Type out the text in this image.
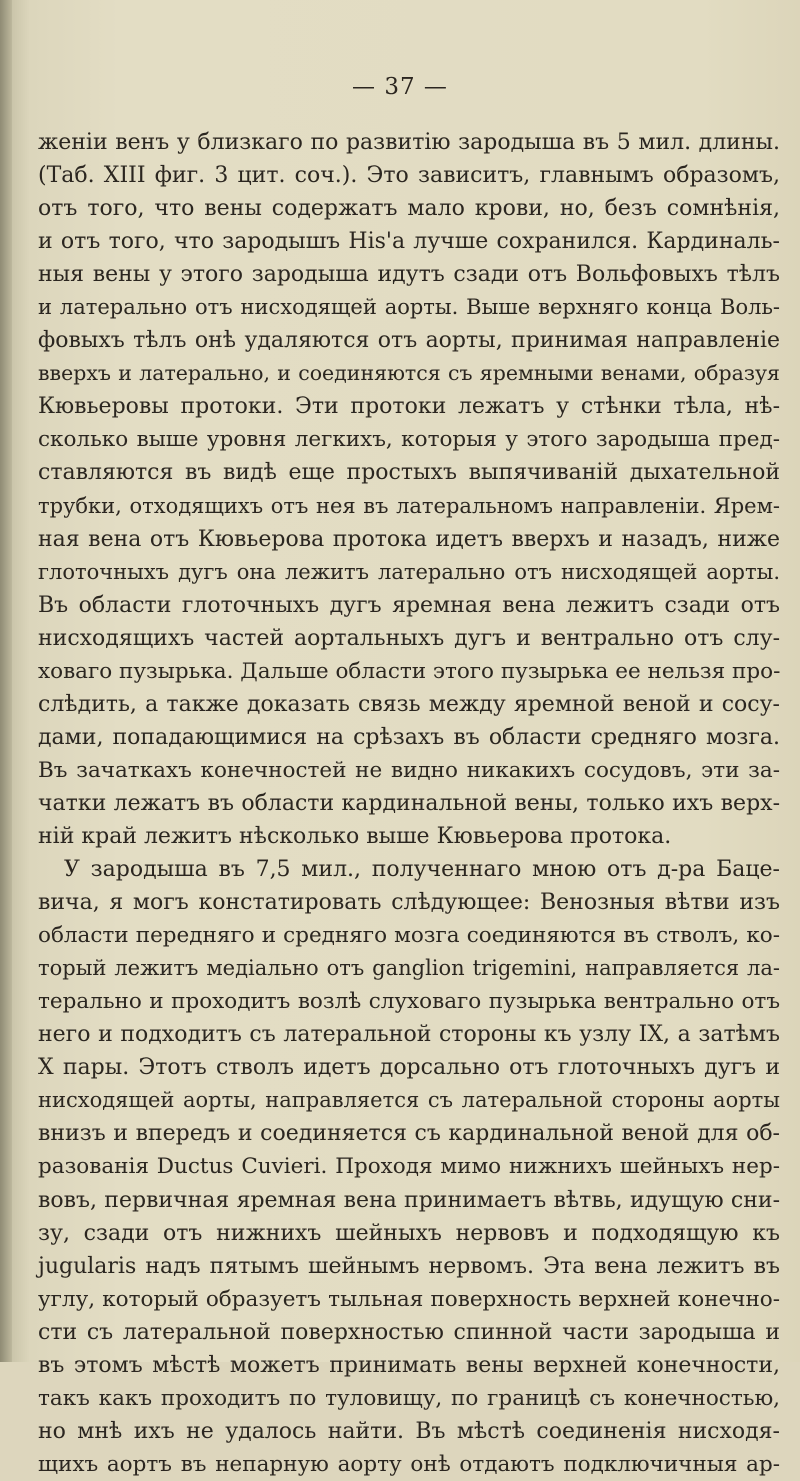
— 37 —
женіи венъ у близкаго по развитію зародыша въ 5 мил. длины.
(Таб. XIII фиг. 3 цит. соч.). Это зависитъ, главнымъ образомъ,
отъ того, что вены содержатъ мало крови, но, безъ сомнѣнія,
и отъ того, что зародышъ His'a лучше сохранился. Кардиналь-
ныя вены у этого зародыша идутъ сзади отъ Вольфовыхъ тѣлъ
и латерально отъ нисходящей аорты. Выше верхняго конца Воль-
фовыхъ тѣлъ онѣ удаляются отъ аорты, принимая направленіе
вверхъ и латерально, и соединяются съ яремными венами, образуя
Кювьеровы протоки. Эти протоки лежатъ у стѣнки тѣла, нѣ-
сколько выше уровня легкихъ, которыя у этого зародыша пред-
ставляются въ видѣ еще простыхъ выпячиваній дыхательной
трубки, отходящихъ отъ нея въ латеральномъ направленіи. Ярем-
ная вена отъ Кювьерова протока идетъ вверхъ и назадъ, ниже
глоточныхъ дугъ она лежитъ латерально отъ нисходящей аорты.
Въ области глоточныхъ дугъ яремная вена лежитъ сзади отъ
нисходящихъ частей аортальныхъ дугъ и вентрально отъ слу-
ховаго пузырька. Дальше области этого пузырька ее нельзя про-
слѣдить, а также доказать связь между яремной веной и сосу-
дами, попадающимися на срѣзахъ въ области средняго мозга.
Въ зачаткахъ конечностей не видно никакихъ сосудовъ, эти за-
чатки лежатъ въ области кардинальной вены, только ихъ верх-
ній край лежитъ нѣсколько выше Кювьерова протока.
У зародыша въ 7,5 мил., полученнаго мною отъ д-ра Баце-
вича, я могъ констатировать слѣдующее: Венозныя вѣтви изъ
области передняго и средняго мозга соединяются въ стволъ, ко-
торый лежитъ медіально отъ ganglion trigemini, направляется ла-
терально и проходитъ возлѣ слуховаго пузырька вентрально отъ
него и подходитъ съ латеральной стороны къ узлу IX, а затѣмъ
X пары. Этотъ стволъ идетъ дорсально отъ глоточныхъ дугъ и
нисходящей аорты, направляется съ латеральной стороны аорты
внизъ и впередъ и соединяется съ кардинальной веной для об-
разованія Ductus Cuvieri. Проходя мимо нижнихъ шейныхъ нер-
вовъ, первичная яремная вена принимаетъ вѣтвь, идущую сни-
зу, сзади отъ нижнихъ шейныхъ нервовъ и подходящую къ
jugularis надъ пятымъ шейнымъ нервомъ. Эта вена лежитъ въ
углу, который образуетъ тыльная поверхность верхней конечно-
сти съ латеральной поверхностью спинной части зародыша и
въ этомъ мѣстѣ можетъ принимать вены верхней конечности,
такъ какъ проходитъ по туловищу, по границѣ съ конечностью,
но мнѣ ихъ не удалось найти. Въ мѣстѣ соединенія нисходя-
щихъ аортъ въ непарную аорту онѣ отдаютъ подключичныя ар-
